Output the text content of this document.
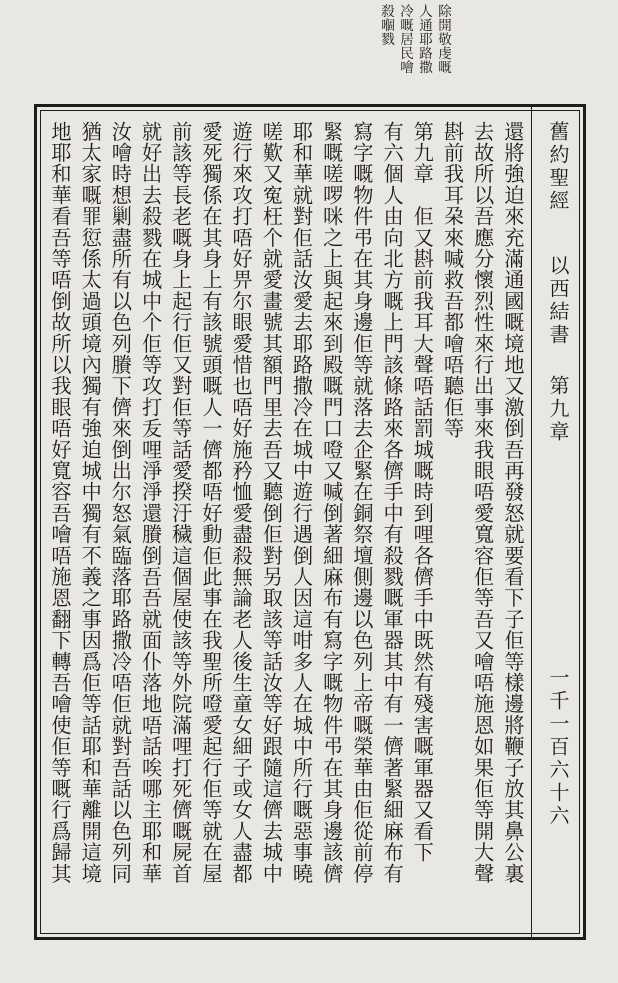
除開敬虔嘅
人通耶路撒
冷嘅居民噲
殺嗰戮
舊約聖經
以西結書
第九章
一千一百六十六
還將強迫來充滿通國嘅境地又激倒吾再發怒就要看下子佢等樣邊將鞭子放其鼻公裏
去故所以吾應分懷烈性來行出事來我眼唔愛寬容佢等吾又噲唔施恩如果佢等開大聲
斟前我耳朶來喊救吾都噲唔聽佢等
第九章　佢又斟前我耳大聲唔話罰城嘅時到哩各儕手中既然有殘害嘅軍器又看下
有六個人由向北方嘅上門該條路來各儕手中有殺戮嘅軍器其中有一儕著緊細麻布有
寫字嘅物件弔在其身邊佢等就落去企緊在銅祭壇側邊以色列上帝嘅榮華由佢從前停
緊嘅嗟啰咪之上與起來到殿嘅門口噔又喊倒著細麻布有寫字嘅物件弔在其身邊該儕
耶和華就對佢話汝愛去耶路撒冷在城中遊行遇倒人因這咁多人在城中所行嘅惡事曉
嗟歎又寃枉个就愛畫號其額門里去吾又聽倒佢對另取該等話汝等好跟隨這儕去城中
遊行來攻打唔好畀尔眼愛惜也唔好施矜恤愛盡殺無論老人後生童女細子或女人盡都
愛死獨係在其身上有該號頭嘅人一儕都唔好動佢此事在我聖所噔愛起行佢等就在屋
前該等長老嘅身上起行佢又對佢等話愛揆汙穢這個屋使該等外院滿哩打死儕嘅屍首
就好出去殺戮在城中个佢等攻打叐哩淨淨還賸倒吾吾就面仆落地唔話唉哪主耶和華
汝噲時想剿盡所有以色列賸下儕來倒出尔怒氣臨落耶路撒冷唔佢就對吾話以色列同
猶太家嘅罪愆係太過頭境內獨有強迫城中獨有不義之事因爲佢等話耶和華離開這境
地耶和華看吾等唔倒故所以我眼唔好寬容吾噲唔施恩翻下轉吾噲使佢等嘅行爲歸其
